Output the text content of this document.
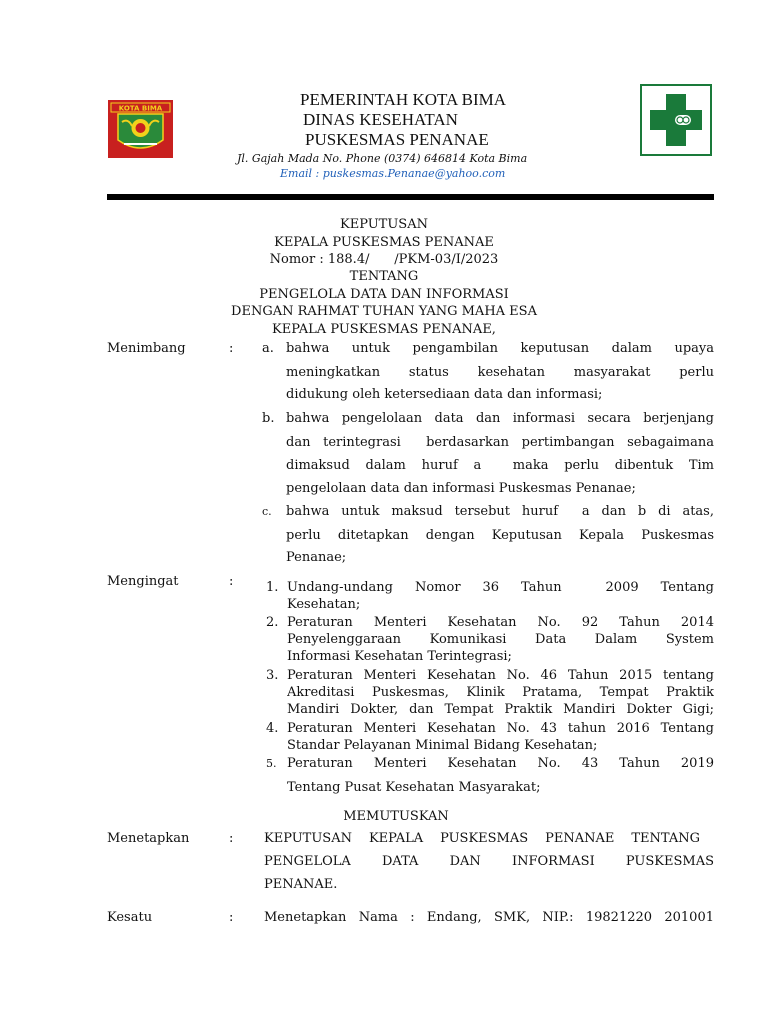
KOTA BIMA	PEMERINTAH KOTA BIMA
DINAS KESEHATAN
PUSKESMAS PENANAE
Jl. Gajah Mada No. Phone (0374) 646814 Kota Bima
Email : puskesmas.Penanae@yahoo.com
KEPUTUSAN
KEPALA PUSKESMAS PENANAE
Nomor : 188.4/      /PKM-03/I/2023
TENTANG
PENGELOLA DATA DAN INFORMASI
DENGAN RAHMAT TUHAN YANG MAHA ESA
KEPALA PUSKESMAS PENANAE,
Menimbang	: a. bahwa untuk pengambilan keputusan dalam upaya
meningkatkan status kesehatan masyarakat perlu
didukung oleh ketersediaan data dan informasi;
b. bahwa pengelolaan data dan informasi secara berjenjang
dan terintegrasi  berdasarkan pertimbangan sebagaimana
dimaksud dalam huruf a  maka perlu dibentuk Tim
pengelolaan data dan informasi Puskesmas Penanae;
c. bahwa untuk maksud tersebut huruf  a dan b di atas,
perlu ditetapkan dengan Keputusan Kepala Puskesmas
Penanae;
Mengingat	:	1. Undang-undang Nomor 36 Tahun  2009 Tentang
Kesehatan;
2. Peraturan Menteri Kesehatan No. 92 Tahun 2014
Penyelenggaraan Komunikasi Data Dalam System
Informasi Kesehatan Terintegrasi;
3. Peraturan Menteri Kesehatan No. 46 Tahun 2015 tentang
Akreditasi Puskesmas, Klinik Pratama, Tempat Praktik
Mandiri Dokter, dan Tempat Praktik Mandiri Dokter Gigi;
4. Peraturan Menteri Kesehatan No. 43 tahun 2016 Tentang
Standar Pelayanan Minimal Bidang Kesehatan;
5. Peraturan Menteri Kesehatan No. 43 Tahun 2019
Tentang Pusat Kesehatan Masyarakat;
MEMUTUSKAN
Menetapkan	: KEPUTUSAN KEPALA PUSKESMAS PENANAE TENTANG
PENGELOLA DATA DAN INFORMASI PUSKESMAS
PENANAE.
Kesatu	: Menetapkan Nama : Endang, SMK, NIP.: 19821220 201001
